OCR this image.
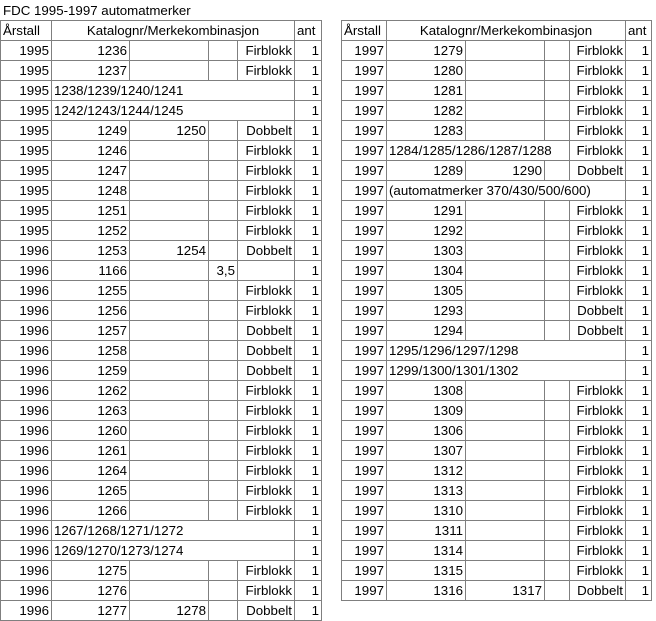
FDC 1995-1997 automatmerker
Årstall	Katalognr/Merkekombinasjon				ant
1995	1236			Firblokk	1
1995	1237			Firblokk	1
1995	1238/1239/1240/1241				1
1995	1242/1243/1244/1245				1
1995	1249	1250		Dobbelt	1
1995	1246			Firblokk	1
1995	1247			Firblokk	1
1995	1248			Firblokk	1
1995	1251			Firblokk	1
1995	1252			Firblokk	1
1996	1253	1254		Dobbelt	1
1996	1166		3,5		1
1996	1255			Firblokk	1
1996	1256			Firblokk	1
1996	1257			Dobbelt	1
1996	1258			Dobbelt	1
1996	1259			Dobbelt	1
1996	1262			Firblokk	1
1996	1263			Firblokk	1
1996	1260			Firblokk	1
1996	1261			Firblokk	1
1996	1264			Firblokk	1
1996	1265			Firblokk	1
1996	1266			Firblokk	1
1996	1267/1268/1271/1272				1
1996	1269/1270/1273/1274				1
1996	1275			Firblokk	1
1996	1276			Firblokk	1
1996	1277	1278		Dobbelt	1
Årstall	Katalognr/Merkekombinasjon				ant
1997	1279			Firblokk	1
1997	1280			Firblokk	1
1997	1281			Firblokk	1
1997	1282			Firblokk	1
1997	1283			Firblokk	1
1997	1284/1285/1286/1287/1288			Firblokk	1
1997	1289	1290		Dobbelt	1
1997	(automatmerker 370/430/500/600)				1
1997	1291			Firblokk	1
1997	1292			Firblokk	1
1997	1303			Firblokk	1
1997	1304			Firblokk	1
1997	1305			Firblokk	1
1997	1293			Dobbelt	1
1997	1294			Dobbelt	1
1997	1295/1296/1297/1298				1
1997	1299/1300/1301/1302				1
1997	1308			Firblokk	1
1997	1309			Firblokk	1
1997	1306			Firblokk	1
1997	1307			Firblokk	1
1997	1312			Firblokk	1
1997	1313			Firblokk	1
1997	1310			Firblokk	1
1997	1311			Firblokk	1
1997	1314			Firblokk	1
1997	1315			Firblokk	1
1997	1316	1317		Dobbelt	1
